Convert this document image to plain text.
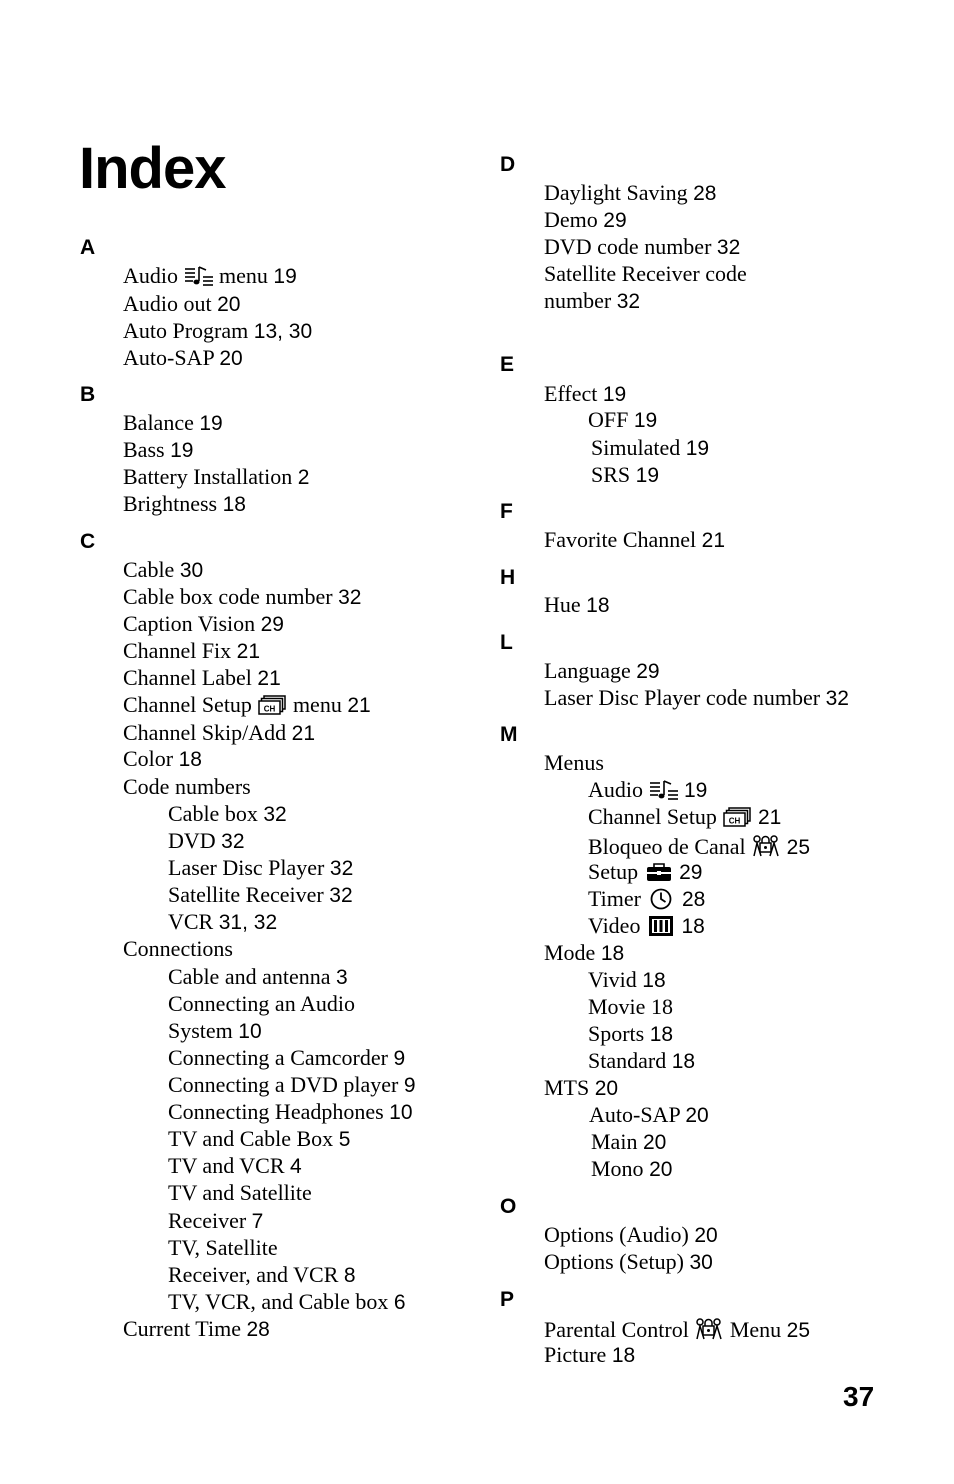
Index
A
Audio menu 19
Audio out 20
Auto Program 13, 30
Auto-SAP 20
B
Balance 19
Bass 19
Battery Installation 2
Brightness 18
C
Cable 30
Cable box code number 32
Caption Vision 29
Channel Fix 21
Channel Label 21
Channel Setup CH menu 21
Channel Skip/Add 21
Color 18
Code numbers
Cable box 32
DVD 32
Laser Disc Player 32
Satellite Receiver 32
VCR 31, 32
Connections
Cable and antenna 3
Connecting an Audio
System 10
Connecting a Camcorder 9
Connecting a DVD player 9
Connecting Headphones 10
TV and Cable Box 5
TV and VCR 4
TV and Satellite
Receiver 7
TV, Satellite
Receiver, and VCR 8
TV, VCR, and Cable box 6
Current Time 28
D
Daylight Saving 28
Demo 29
DVD code number 32
Satellite Receiver code
number 32
E
Effect 19
OFF 19
Simulated 19
SRS 19
F
Favorite Channel 21
H
Hue 18
L
Language 29
Laser Disc Player code number 32
M
Menus
Audio 19
Channel Setup CH 21
Bloqueo de Canal 25
Setup 29
Timer 28
Video 18
Mode 18
Vivid 18
Movie 18
Sports 18
Standard 18
MTS 20
Auto-SAP 20
Main 20
Mono 20
O
Options (Audio) 20
Options (Setup) 30
P
Parental Control Menu 25
Picture 18
37
